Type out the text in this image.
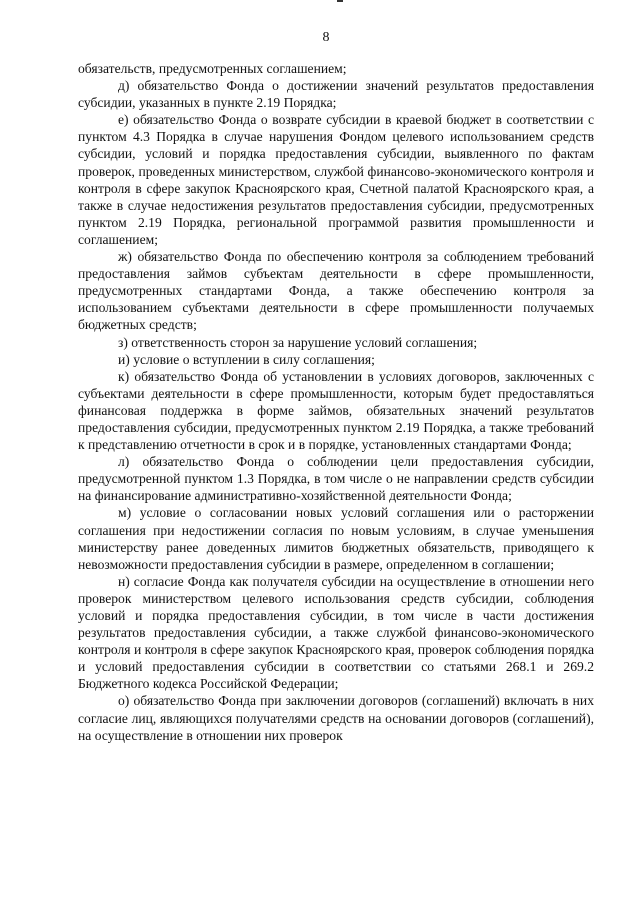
8

обязательств, предусмотренных соглашением;

д) обязательство Фонда о достижении значений результатов предоставления субсидии, указанных в пункте 2.19 Порядка;

е) обязательство Фонда о возврате субсидии в краевой бюджет в соответствии с пунктом 4.3 Порядка в случае нарушения Фондом целевого использованием средств субсидии, условий и порядка предоставления субсидии, выявленного по фактам проверок, проведенных министерством, службой финансово-экономического контроля и контроля в сфере закупок Красноярского края, Счетной палатой Красноярского края, а также в случае недостижения результатов предоставления субсидии, предусмотренных пунктом 2.19 Порядка, региональной программой развития промышленности и соглашением;

ж) обязательство Фонда по обеспечению контроля за соблюдением требований предоставления займов субъектам деятельности в сфере промышленности, предусмотренных стандартами Фонда, а также обеспечению контроля за использованием субъектами деятельности в сфере промышленности получаемых бюджетных средств;

з) ответственность сторон за нарушение условий соглашения;

и) условие о вступлении в силу соглашения;

к) обязательство Фонда об установлении в условиях договоров, заключенных с субъектами деятельности в сфере промышленности, которым будет предоставляться финансовая поддержка в форме займов, обязательных значений результатов предоставления субсидии, предусмотренных пунктом 2.19 Порядка, а также требований к представлению отчетности в срок и в порядке, установленных стандартами Фонда;

л) обязательство Фонда о соблюдении цели предоставления субсидии, предусмотренной пунктом 1.3 Порядка, в том числе о не направлении средств субсидии на финансирование административно-хозяйственной деятельности Фонда;

м) условие о согласовании новых условий соглашения или о расторжении соглашения при недостижении согласия по новым условиям, в случае уменьшения министерству ранее доведенных лимитов бюджетных обязательств, приводящего к невозможности предоставления субсидии в размере, определенном в соглашении;

н) согласие Фонда как получателя субсидии на осуществление в отношении него проверок министерством целевого использования средств субсидии, соблюдения условий и порядка предоставления субсидии, в том числе в части достижения результатов предоставления субсидии, а также службой финансово-экономического контроля и контроля в сфере закупок Красноярского края, проверок соблюдения порядка и условий предоставления субсидии в соответствии со статьями 268.1 и 269.2 Бюджетного кодекса Российской Федерации;

о) обязательство Фонда при заключении договоров (соглашений) включать в них согласие лиц, являющихся получателями средств на основании договоров (соглашений), на осуществление в отношении них проверок
